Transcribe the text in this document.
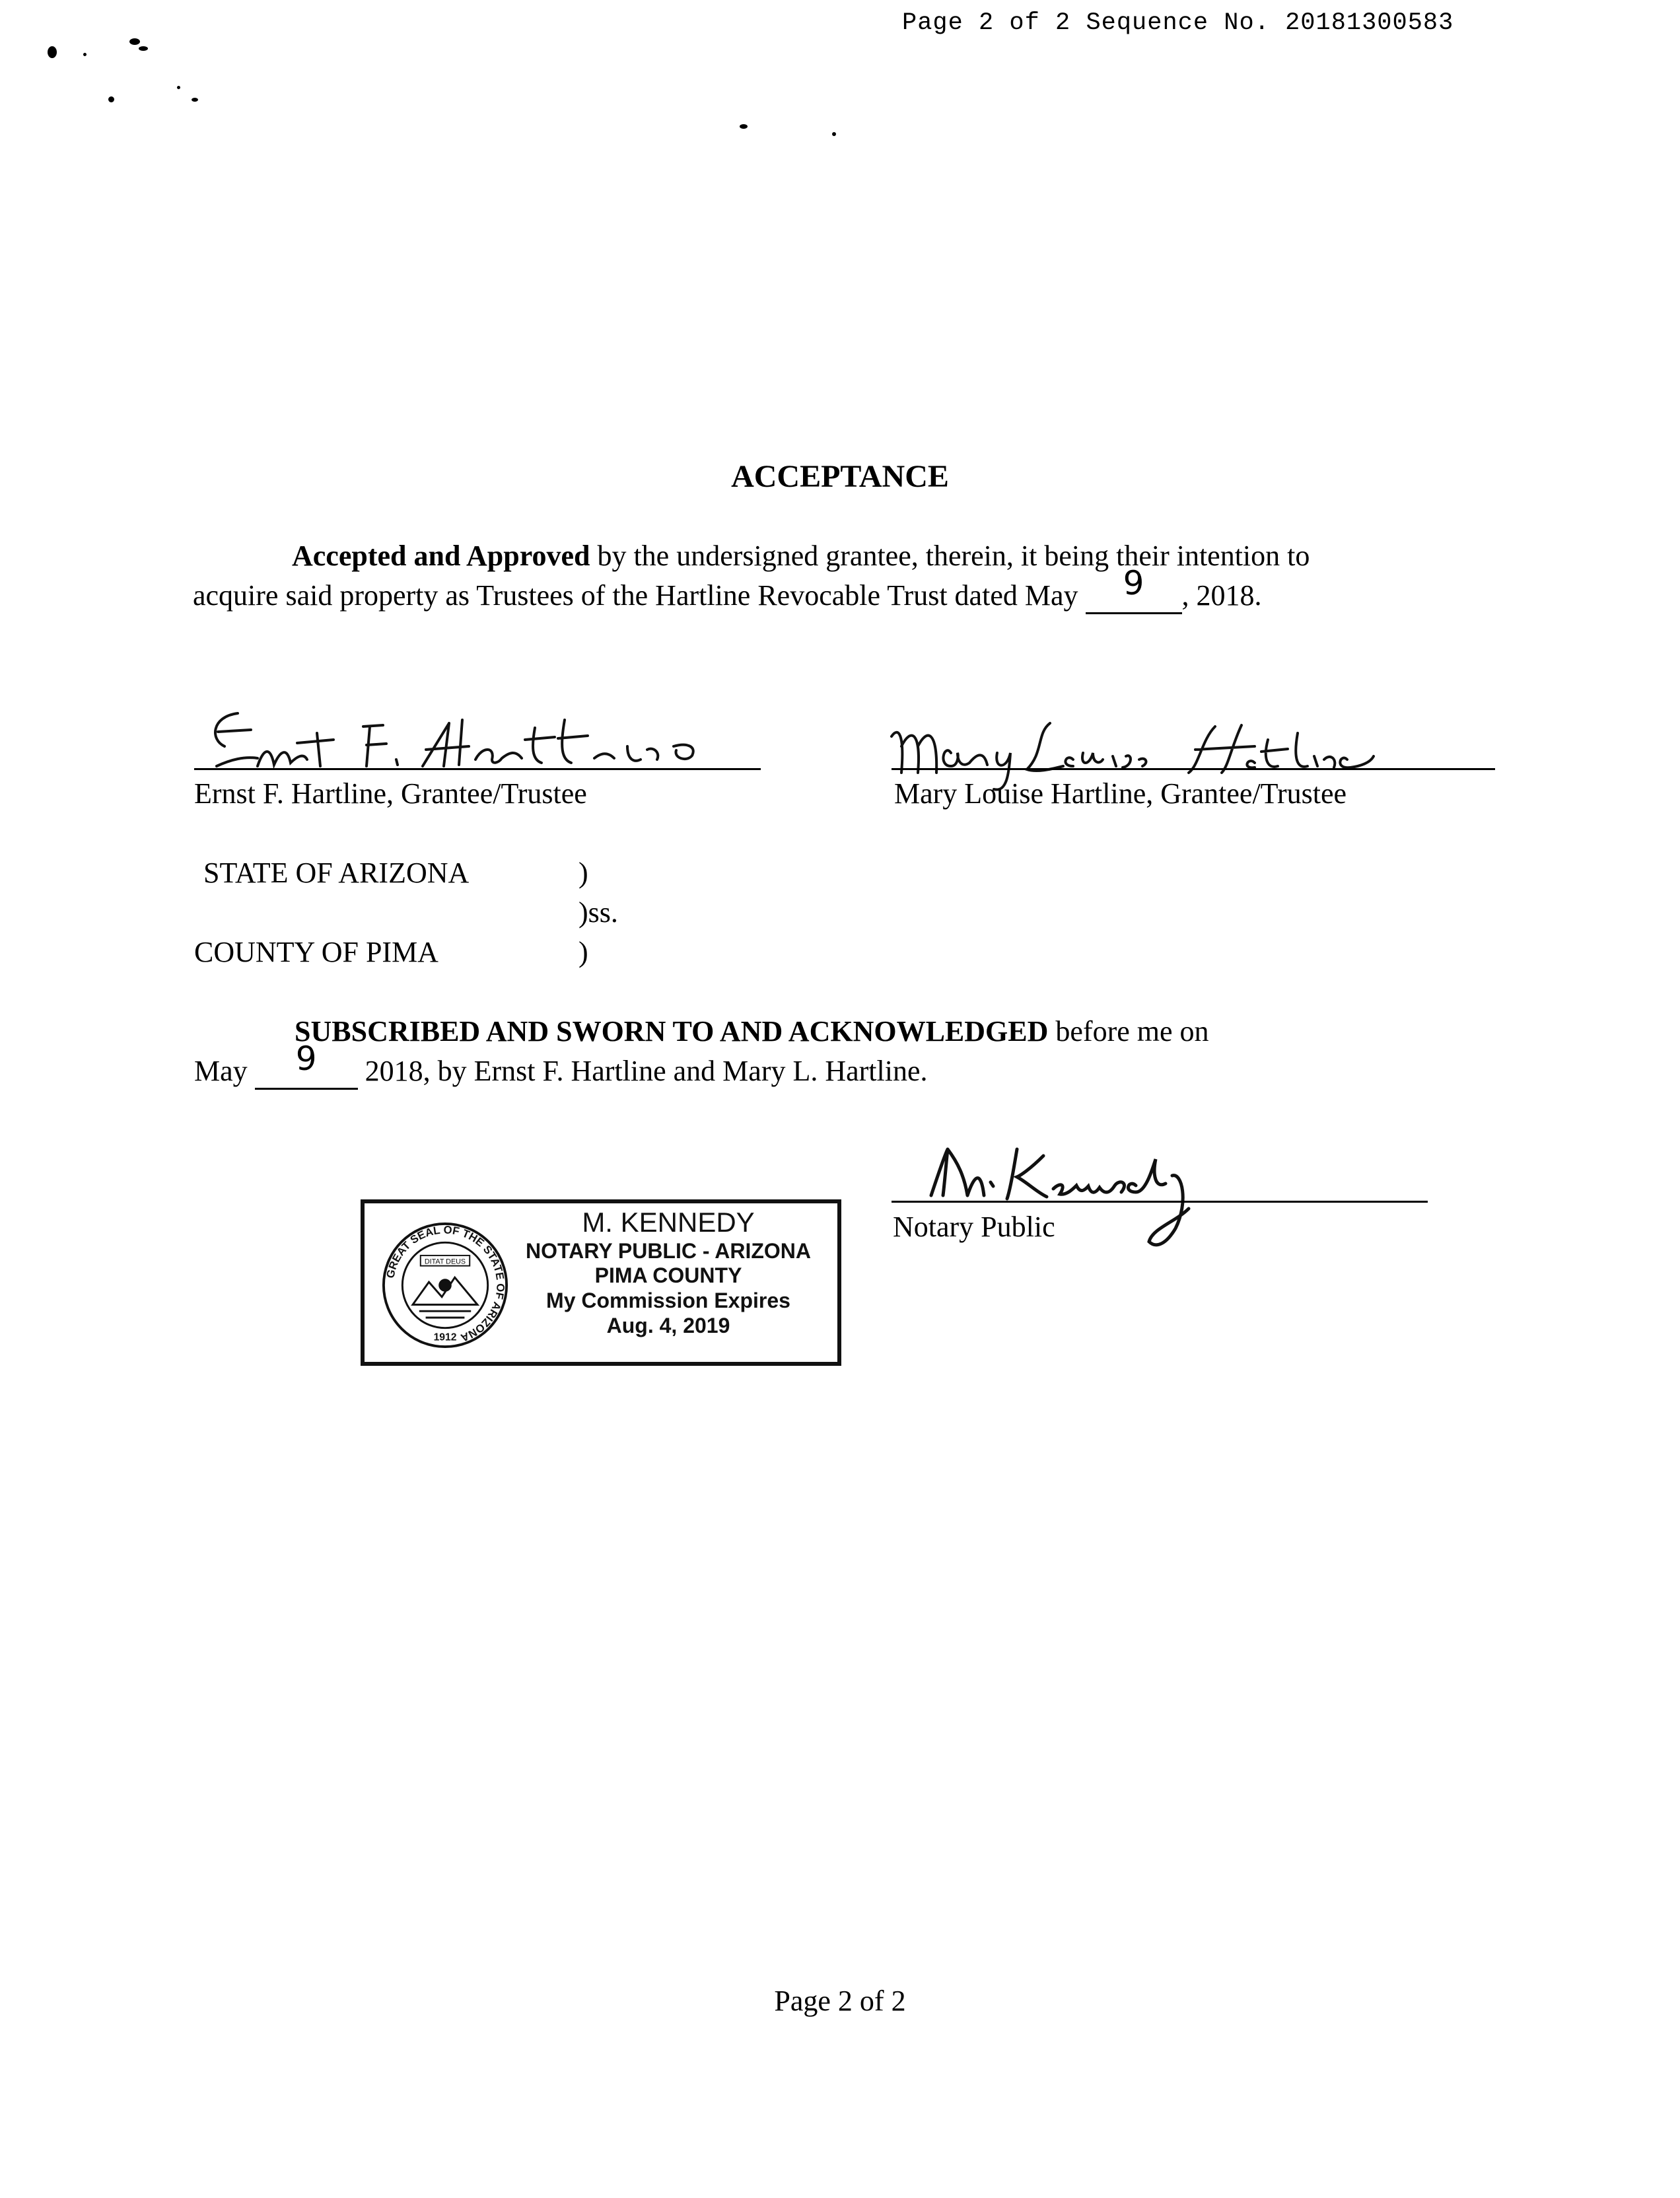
Page 2 of 2 Sequence No. 20181300583
ACCEPTANCE
Accepted and Approved by the undersigned grantee, therein, it being their intention to
acquire said property as Trustees of the Hartline Revocable Trust dated May	9	, 2018.
Ernst F. Hartline, Grantee/Trustee	Mary Louise Hartline, Grantee/Trustee
STATE OF ARIZONA	)
)ss.
COUNTY OF PIMA	)
SUBSCRIBED AND SWORN TO AND ACKNOWLEDGED before me on
May	9	2018, by Ernst F. Hartline and Mary L. Hartline.
GREAT SEAL OF THE STATE OF ARIZONA
DITAT DEUS
1912
M. KENNEDY
NOTARY PUBLIC - ARIZONA
PIMA COUNTY
My Commission Expires
Aug. 4, 2019
Notary Public
Page 2 of 2
